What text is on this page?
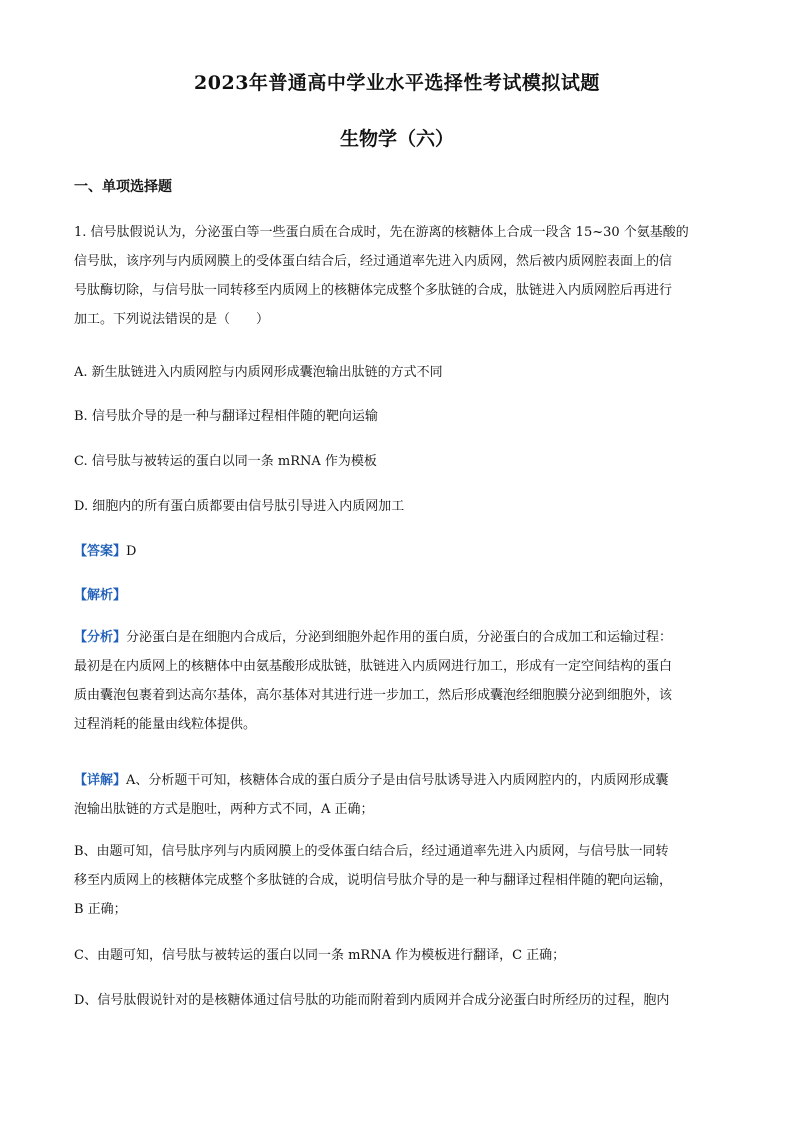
2023年普通高中学业水平选择性考试模拟试题
生物学（六）
一、单项选择题
1. 信号肽假说认为，分泌蛋白等一些蛋白质在合成时，先在游离的核糖体上合成一段含 15~30 个氨基酸的
信号肽，该序列与内质网膜上的受体蛋白结合后，经过通道率先进入内质网，然后被内质网腔表面上的信
号肽酶切除，与信号肽一同转移至内质网上的核糖体完成整个多肽链的合成，肽链进入内质网腔后再进行
加工。下列说法错误的是（　　）
A. 新生肽链进入内质网腔与内质网形成囊泡输出肽链的方式不同
B. 信号肽介导的是一种与翻译过程相伴随的靶向运输
C. 信号肽与被转运的蛋白以同一条 mRNA 作为模板
D. 细胞内的所有蛋白质都要由信号肽引导进入内质网加工
【答案】D
【解析】
【分析】分泌蛋白是在细胞内合成后，分泌到细胞外起作用的蛋白质，分泌蛋白的合成加工和运输过程：
最初是在内质网上的核糖体中由氨基酸形成肽链，肽链进入内质网进行加工，形成有一定空间结构的蛋白
质由囊泡包裹着到达高尔基体，高尔基体对其进行进一步加工，然后形成囊泡经细胞膜分泌到细胞外，该
过程消耗的能量由线粒体提供。
【详解】A、分析题干可知，核糖体合成的蛋白质分子是由信号肽诱导进入内质网腔内的，内质网形成囊
泡输出肽链的方式是胞吐，两种方式不同，A 正确；
B、由题可知，信号肽序列与内质网膜上的受体蛋白结合后，经过通道率先进入内质网，与信号肽一同转
移至内质网上的核糖体完成整个多肽链的合成，说明信号肽介导的是一种与翻译过程相伴随的靶向运输，
B 正确；
C、由题可知，信号肽与被转运的蛋白以同一条 mRNA 作为模板进行翻译，C 正确；
D、信号肽假说针对的是核糖体通过信号肽的功能而附着到内质网并合成分泌蛋白时所经历的过程，胞内
